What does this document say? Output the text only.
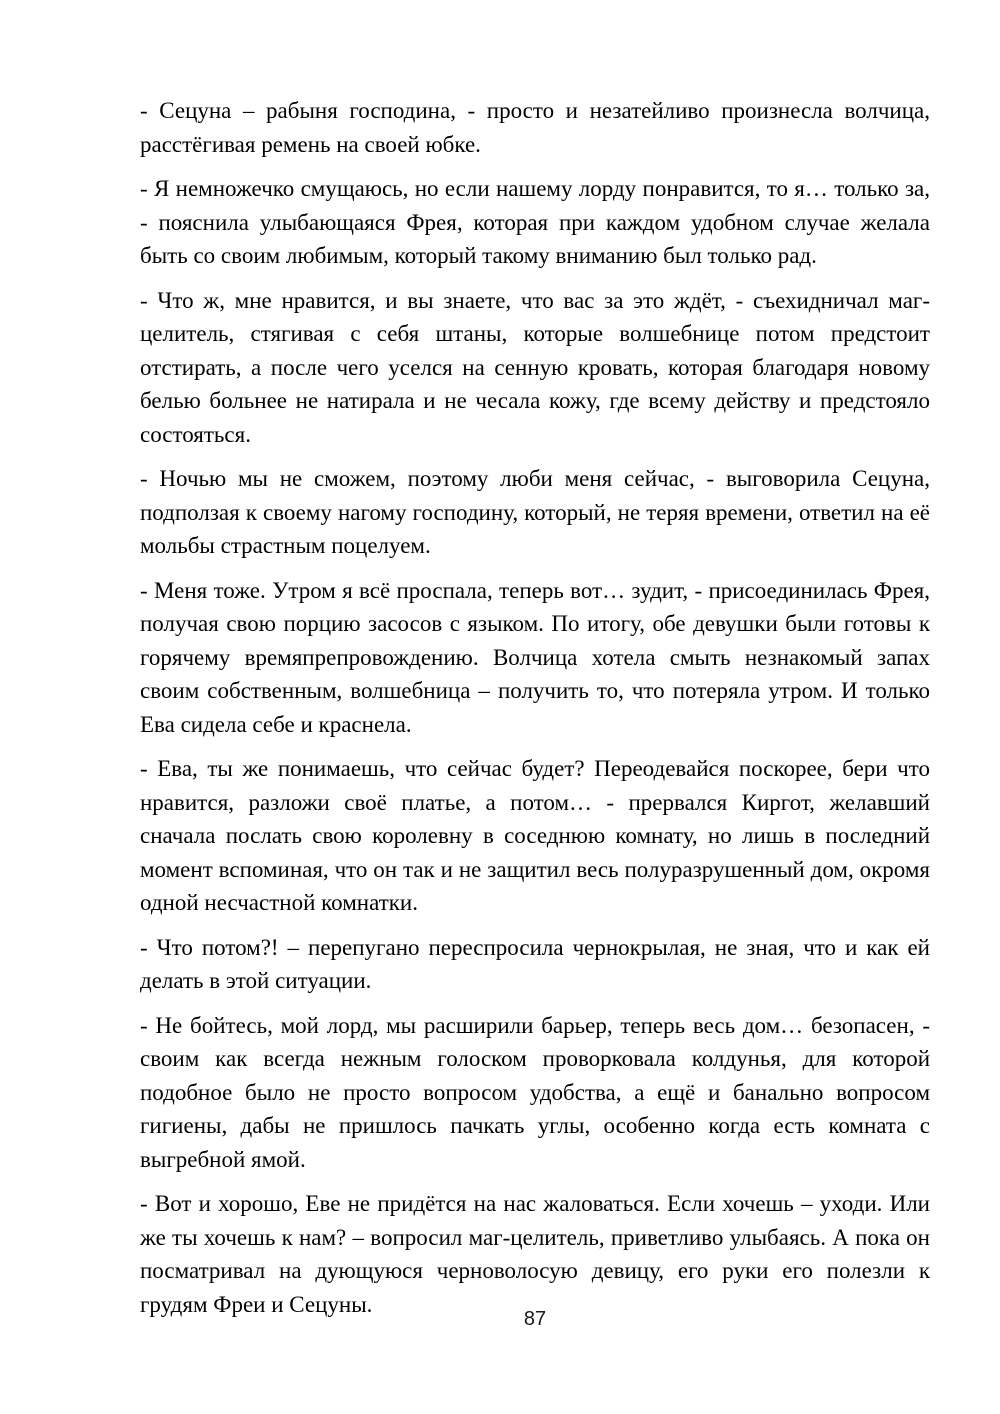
- Сецуна – рабыня господина, - просто и незатейливо произнесла волчица, расстёгивая ремень на своей юбке.

- Я немножечко смущаюсь, но если нашему лорду понравится, то я… только за, - пояснила улыбающаяся Фрея, которая при каждом удобном случае желала быть со своим любимым, который такому вниманию был только рад.

- Что ж, мне нравится, и вы знаете, что вас за это ждёт, - съехидничал маг-целитель, стягивая с себя штаны, которые волшебнице потом предстоит отстирать, а после чего уселся на сенную кровать, которая благодаря новому белью больнее не натирала и не чесала кожу, где всему действу и предстояло состояться.

- Ночью мы не сможем, поэтому люби меня сейчас, - выговорила Сецуна, подползая к своему нагому господину, который, не теряя времени, ответил на её мольбы страстным поцелуем.

- Меня тоже. Утром я всё проспала, теперь вот… зудит, - присоединилась Фрея, получая свою порцию засосов с языком. По итогу, обе девушки были готовы к горячему времяпрепровождению. Волчица хотела смыть незнакомый запах своим собственным, волшебница – получить то, что потеряла утром. И только Ева сидела себе и краснела.

- Ева, ты же понимаешь, что сейчас будет? Переодевайся поскорее, бери что нравится, разложи своё платье, а потом… - прервался Киргот, желавший сначала послать свою королевну в соседнюю комнату, но лишь в последний момент вспоминая, что он так и не защитил весь полуразрушенный дом, окромя одной несчастной комнатки.

- Что потом?! – перепугано переспросила чернокрылая, не зная, что и как ей делать в этой ситуации.

- Не бойтесь, мой лорд, мы расширили барьер, теперь весь дом… безопасен, - своим как всегда нежным голоском проворковала колдунья, для которой подобное было не просто вопросом удобства, а ещё и банально вопросом гигиены, дабы не пришлось пачкать углы, особенно когда есть комната с выгребной ямой.

- Вот и хорошо, Еве не придётся на нас жаловаться. Если хочешь – уходи. Или же ты хочешь к нам? – вопросил маг-целитель, приветливо улыбаясь. А пока он посматривал на дующуюся черноволосую девицу, его руки его полезли к грудям Фреи и Сецуны.

87
